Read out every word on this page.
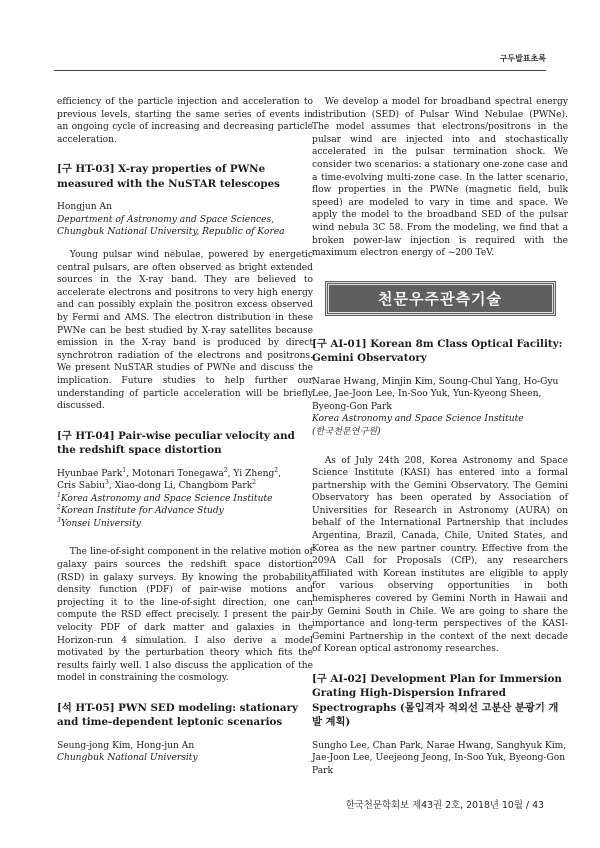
구두발표초록

efficiency of the particle injection and acceleration to previous levels, starting the same series of events in an ongoing cycle of increasing and decreasing particle acceleration.

[구 HT-03] X-ray properties of PWNe measured with the NuSTAR telescopes

Hongjun An

Department of Astronomy and Space Sciences, Chungbuk National University, Republic of Korea

Young pulsar wind nebulae, powered by energetic central pulsars, are often observed as bright extended sources in the X-ray band. They are believed to accelerate electrons and positrons to very high energy and can possibly explain the positron excess observed by Fermi and AMS. The electron distribution in these PWNe can be best studied by X-ray satellites because emission in the X-ray band is produced by direct synchrotron radiation of the electrons and positrons. We present NuSTAR studies of PWNe and discuss the implication. Future studies to help further our understanding of particle acceleration will be briefly discussed.

[구 HT-04] Pair-wise peculiar velocity and the redshift space distortion

Hyunbae Park$^1$, Motonari Tonegawa$^2$, Yi Zheng$^2$,
Cris Sabiu$^3$, Xiao-dong Li, Changbom Park$^2$

$^1$Korea Astronomy and Space Science Institute

$^2$Korean Institute for Advance Study

$^3$Yonsei University

The line-of-sight component in the relative motion of galaxy pairs sources the redshift space distortion (RSD) in galaxy surveys. By knowing the probability density function (PDF) of pair-wise motions and projecting it to the line-of-sight direction, one can compute the RSD effect precisely. I present the pair-velocity PDF of dark matter and galaxies in the Horizon-run 4 simulation. I also derive a model motivated by the perturbation theory which fits the results fairly well. I also discuss the application of the model in constraining the cosmology.

[석 HT-05] PWN SED modeling: stationary and time-dependent leptonic scenarios

Seung-jong Kim, Hong-jun An

Chungbuk National University

We develop a model for broadband spectral energy distribution (SED) of Pulsar Wind Nebulae (PWNe). The model assumes that electrons/positrons in the pulsar wind are injected into and stochastically accelerated in the pulsar termination shock. We consider two scenarios: a stationary one-zone case and a time-evolving multi-zone case. In the latter scenario, flow properties in the PWNe (magnetic field, bulk speed) are modeled to vary in time and space. We apply the model to the broadband SED of the pulsar wind nebula 3C 58. From the modeling, we find that a broken power-law injection is required with the maximum electron energy of ~200 TeV.

천문우주관측기술

[구 AI-01] Korean 8m Class Optical Facility: Gemini Observatory

Narae Hwang, Minjin Kim, Soung-Chul Yang, Ho-Gyu Lee, Jae-Joon Lee, In-Soo Yuk, Yun-Kyeong Sheen, Byeong-Gon Park

Korea Astronomy and Space Science Institute

(한국천문연구원)

As of July 24th 208, Korea Astronomy and Space Science Institute (KASI) has entered into a formal partnership with the Gemini Observatory. The Gemini Observatory has been operated by Association of Universities for Research in Astronomy (AURA) on behalf of the International Partnership that includes Argentina, Brazil, Canada, Chile, United States, and Korea as the new partner country. Effective from the 209A Call for Proposals (CfP), any researchers affiliated with Korean institutes are eligible to apply for various observing opportunities in both hemispheres covered by Gemini North in Hawaii and by Gemini South in Chile. We are going to share the importance and long-term perspectives of the KASI-Gemini Partnership in the context of the next decade of Korean optical astronomy researches.

[구 AI-02] Development Plan for Immersion Grating High-Dispersion Infrared Spectrographs (몰입격자 적외선 고분산 분광기 개발 계획)

Sungho Lee, Chan Park, Narae Hwang, Sanghyuk Kim, Jae-Joon Lee, Ueejeong Jeong, In-Soo Yuk, Byeong-Gon Park

한국천문학회보 제43권 2호, 2018년 10월 / 43
